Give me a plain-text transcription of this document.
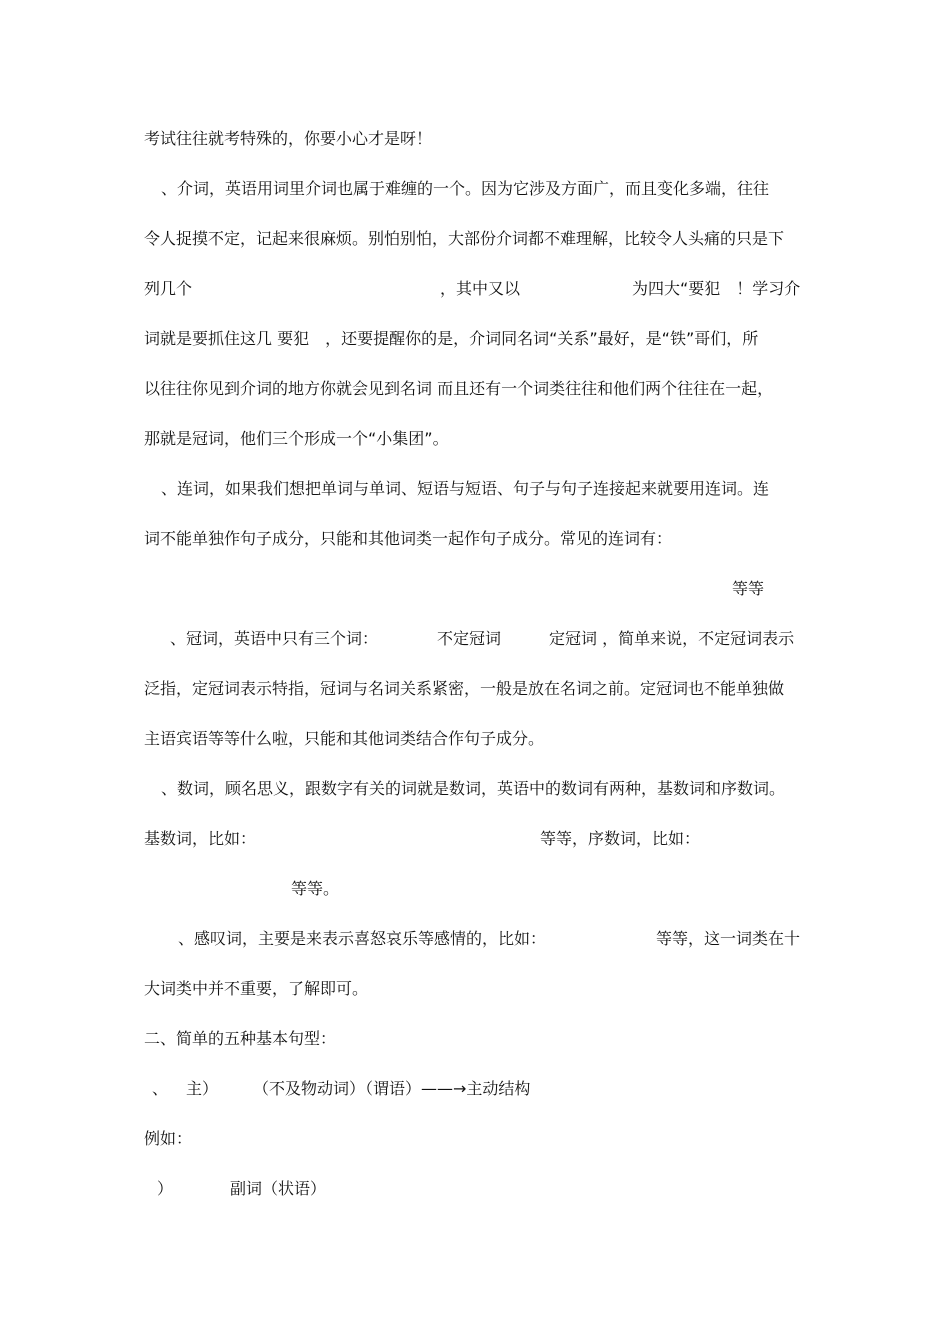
考试往往就考特殊的，你要小心才是呀！
、介词，英语用词里介词也属于难缠的一个。因为它涉及方面广，而且变化多端，往往
令人捉摸不定，记起来很麻烦。别怕别怕，大部份介词都不难理解，比较令人头痛的只是下
列几个	，其中又以	为四大“要犯　！学习介
词就是要抓住这几 要犯　，还要提醒你的是，介词同名词“关系”最好，是“铁”哥们，所
以往往你见到介词的地方你就会见到名词 而且还有一个词类往往和他们两个往往在一起，
那就是冠词，他们三个形成一个“小集团”。
、连词，如果我们想把单词与单词、短语与短语、句子与句子连接起来就要用连词。连
词不能单独作句子成分，只能和其他词类一起作句子成分。常见的连词有：
等等
、冠词，英语中只有三个词：	不定冠词	定冠词 ，简单来说，不定冠词表示
泛指，定冠词表示特指，冠词与名词关系紧密，一般是放在名词之前。定冠词也不能单独做
主语宾语等等什么啦，只能和其他词类结合作句子成分。
、数词，顾名思义，跟数字有关的词就是数词，英语中的数词有两种，基数词和序数词。
基数词，比如：	等等，序数词，比如：
等等。
、感叹词，主要是来表示喜怒哀乐等感情的，比如：	等等，这一词类在十
大词类中并不重要，了解即可。
二、简单的五种基本句型：
、 主） （不及物动词）（谓语）——→主动结构
例如：
）	副词（状语）
